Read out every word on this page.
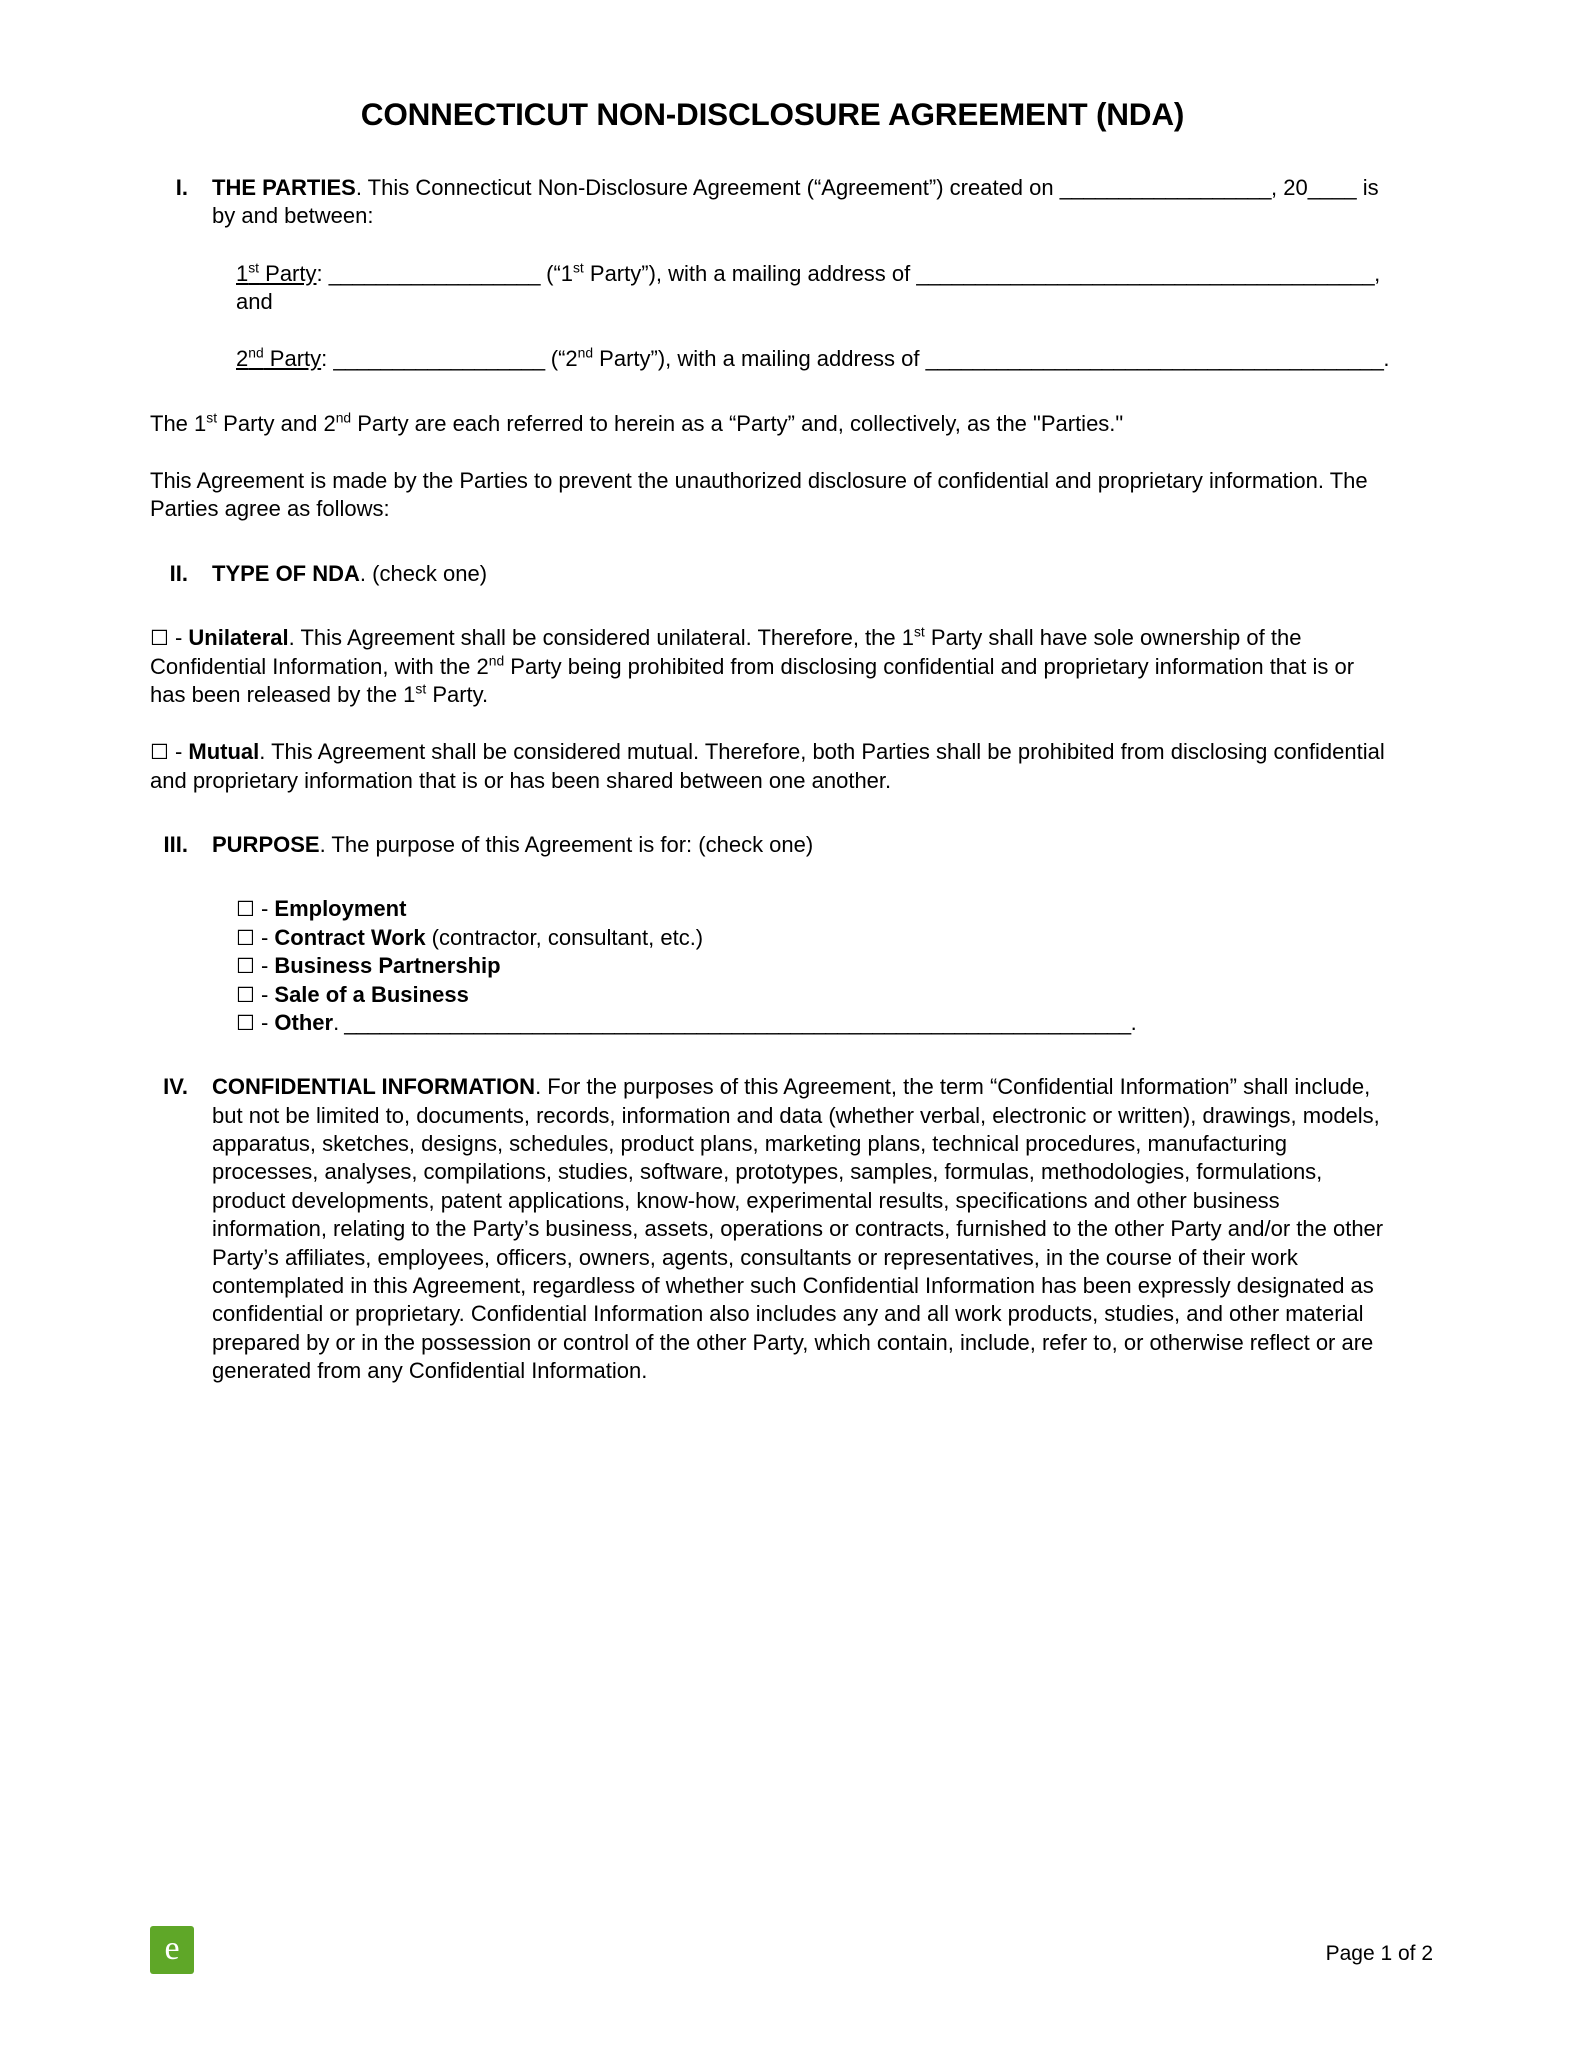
CONNECTICUT NON-DISCLOSURE AGREEMENT (NDA)
I.	THE PARTIES. This Connecticut Non-Disclosure Agreement (“Agreement”) created on __________________, 20____ is by and between:
1st Party: __________________ (“1st Party”), with a mailing address of _______________________________________, and
2nd Party: __________________ (“2nd Party”), with a mailing address of _______________________________________.
The 1st Party and 2nd Party are each referred to herein as a “Party” and, collectively, as the "Parties."
This Agreement is made by the Parties to prevent the unauthorized disclosure of confidential and proprietary information. The Parties agree as follows:
II.	TYPE OF NDA. (check one)
☐ - Unilateral. This Agreement shall be considered unilateral. Therefore, the 1st Party shall have sole ownership of the Confidential Information, with the 2nd Party being prohibited from disclosing confidential and proprietary information that is or has been released by the 1st Party.
☐ - Mutual. This Agreement shall be considered mutual. Therefore, both Parties shall be prohibited from disclosing confidential and proprietary information that is or has been shared between one another.
III.	PURPOSE. The purpose of this Agreement is for: (check one)
☐ - Employment
☐ - Contract Work (contractor, consultant, etc.)
☐ - Business Partnership
☐ - Sale of a Business
☐ - Other. ___________________________________________________________________.
IV.	CONFIDENTIAL INFORMATION. For the purposes of this Agreement, the term “Confidential Information” shall include, but not be limited to, documents, records, information and data (whether verbal, electronic or written), drawings, models, apparatus, sketches, designs, schedules, product plans, marketing plans, technical procedures, manufacturing processes, analyses, compilations, studies, software, prototypes, samples, formulas, methodologies, formulations, product developments, patent applications, know-how, experimental results, specifications and other business information, relating to the Party’s business, assets, operations or contracts, furnished to the other Party and/or the other Party’s affiliates, employees, officers, owners, agents, consultants or representatives, in the course of their work contemplated in this Agreement, regardless of whether such Confidential Information has been expressly designated as confidential or proprietary. Confidential Information also includes any and all work products, studies, and other material prepared by or in the possession or control of the other Party, which contain, include, refer to, or otherwise reflect or are generated from any Confidential Information.
e	Page 1 of 2
